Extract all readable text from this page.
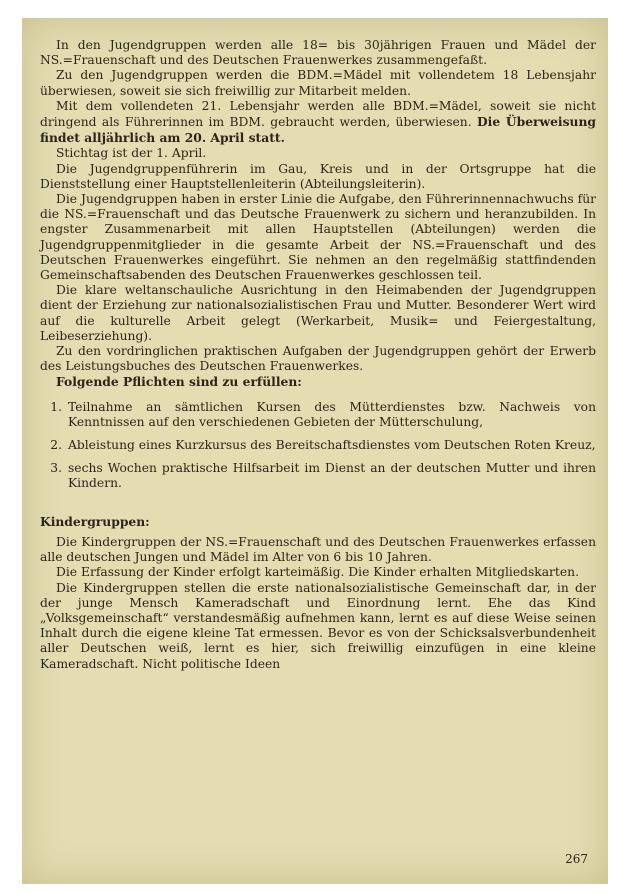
In den Jugendgruppen werden alle 18= bis 30jährigen Frauen und Mädel der NS.=Frauenschaft und des Deutschen Frauenwerkes zusammengefaßt.

Zu den Jugendgruppen werden die BDM.=Mädel mit vollendetem 18 Lebensjahr überwiesen, soweit sie sich freiwillig zur Mitarbeit melden.

Mit dem vollendeten 21. Lebensjahr werden alle BDM.=Mädel, soweit sie nicht dringend als Führerinnen im BDM. gebraucht werden, überwiesen. Die Überweisung findet alljährlich am 20. April statt.

Stichtag ist der 1. April.

Die Jugendgruppenführerin im Gau, Kreis und in der Ortsgruppe hat die Dienststellung einer Hauptstellenleiterin (Abteilungsleiterin).

Die Jugendgruppen haben in erster Linie die Aufgabe, den Führerinnennachwuchs für die NS.=Frauenschaft und das Deutsche Frauenwerk zu sichern und heranzubilden. In engster Zusammenarbeit mit allen Hauptstellen (Abteilungen) werden die Jugendgruppenmitglieder in die gesamte Arbeit der NS.=Frauenschaft und des Deutschen Frauenwerkes eingeführt. Sie nehmen an den regelmäßig stattfindenden Gemeinschaftsabenden des Deutschen Frauenwerkes geschlossen teil.

Die klare weltanschauliche Ausrichtung in den Heimabenden der Jugendgruppen dient der Erziehung zur nationalsozialistischen Frau und Mutter. Besonderer Wert wird auf die kulturelle Arbeit gelegt (Werkarbeit, Musik= und Feiergestaltung, Leibeserziehung).

Zu den vordringlichen praktischen Aufgaben der Jugendgruppen gehört der Erwerb des Leistungsbuches des Deutschen Frauenwerkes.

Folgende Pflichten sind zu erfüllen:

1. Teilnahme an sämtlichen Kursen des Mütterdienstes bzw. Nachweis von Kenntnissen auf den verschiedenen Gebieten der Mütterschulung,
2. Ableistung eines Kurzkursus des Bereitschaftsdienstes vom Deutschen Roten Kreuz,
3. sechs Wochen praktische Hilfsarbeit im Dienst an der deutschen Mutter und ihren Kindern.

Kindergruppen:

Die Kindergruppen der NS.=Frauenschaft und des Deutschen Frauenwerkes erfassen alle deutschen Jungen und Mädel im Alter von 6 bis 10 Jahren.

Die Erfassung der Kinder erfolgt karteimäßig. Die Kinder erhalten Mitgliedskarten.

Die Kindergruppen stellen die erste nationalsozialistische Gemeinschaft dar, in der der junge Mensch Kameradschaft und Einordnung lernt. Ehe das Kind „Volksgemeinschaft“ verstandesmäßig aufnehmen kann, lernt es auf diese Weise seinen Inhalt durch die eigene kleine Tat ermessen. Bevor es von der Schicksalsverbundenheit aller Deutschen weiß, lernt es hier, sich freiwillig einzufügen in eine kleine Kameradschaft. Nicht politische Ideen

267
